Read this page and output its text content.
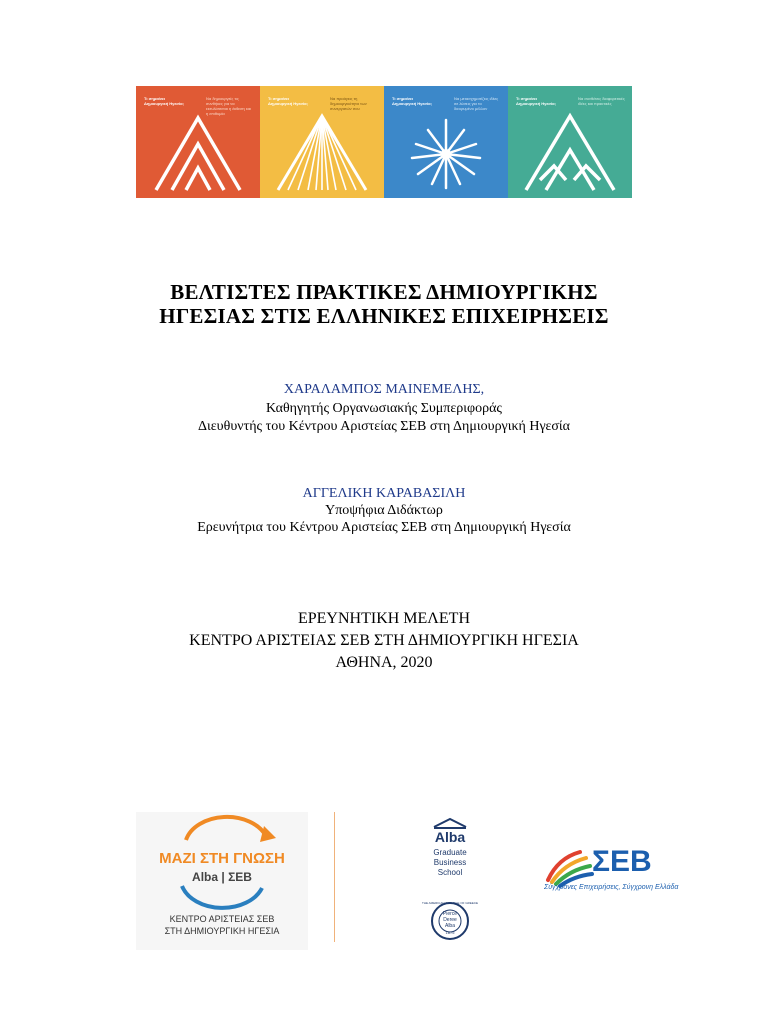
Τι σημαίνει Δημιουργική Ηγεσία;
Να δημιουργείς τις συνθήκες για να εκτυλίσσεται η έκθεση και η επιθυμία
Τι σημαίνει Δημιουργική Ηγεσία;
Να προάγεις τη δημιουργικότητα των συνεργατών σου
Τι σημαίνει Δημιουργική Ηγεσία;
Να μετασχηματίζεις ιδέες σε λύσεις για το διευρυμένο μέλλον
Τι σημαίνει Δημιουργική Ηγεσία;
Να συνθέτεις διαφορετικές ιδέες και πρακτικές
ΒΕΛΤΙΣΤΕΣ ΠΡΑΚΤΙΚΕΣ ΔΗΜΙΟΥΡΓΙΚΗΣ
ΗΓΕΣΙΑΣ ΣΤΙΣ ΕΛΛΗΝΙΚΕΣ ΕΠΙΧΕΙΡΗΣΕΙΣ
ΧΑΡΑΛΑΜΠΟΣ ΜΑΙΝΕΜΕΛΗΣ,
Καθηγητής Οργανωσιακής Συμπεριφοράς
Διευθυντής του Κέντρου Αριστείας ΣΕΒ στη Δημιουργική Ηγεσία
ΑΓΓΕΛΙΚΗ ΚΑΡΑΒΑΣΙΛΗ
Υποψήφια Διδάκτωρ
Ερευνήτρια του Κέντρου Αριστείας ΣΕΒ στη Δημιουργική Ηγεσία
ΕΡΕΥΝΗΤΙΚΗ ΜΕΛΕΤΗ
ΚΕΝΤΡΟ ΑΡΙΣΤΕΙΑΣ ΣΕΒ ΣΤΗ ΔΗΜΙΟΥΡΓΙΚΗ ΗΓΕΣΙΑ
ΑΘΗΝΑ, 2020
ΜΑΖΙ ΣΤΗ ΓΝΩΣΗ
Alba | ΣΕΒ
ΚΕΝΤΡΟ ΑΡΙΣΤΕΙΑΣ ΣΕΒ
ΣΤΗ ΔΗΜΙΟΥΡΓΙΚΗ ΗΓΕΣΙΑ
Alba
Graduate
Business
School
Pierce
Deree
Alba
1875
THE AMERICAN COLLEGE OF GREECE
ΣΕΒ
Σύγχρονες Επιχειρήσεις, Σύγχρονη Ελλάδα
